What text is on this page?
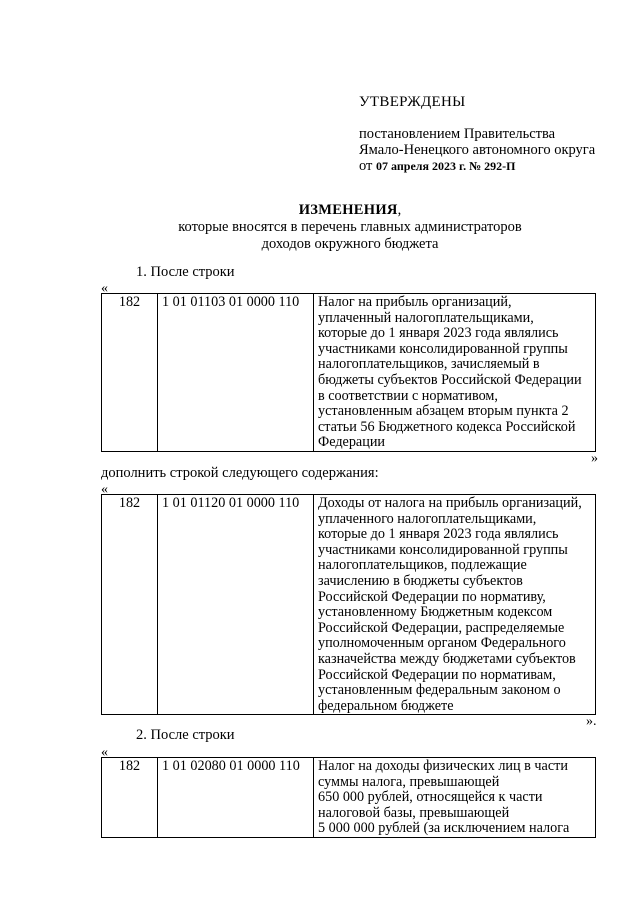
УТВЕРЖДЕНЫ
постановлением Правительства
Ямало-Ненецкого автономного округа
от 07 апреля 2023 г. № 292-П
ИЗМЕНЕНИЯ,
которые вносятся в перечень главных администраторов
доходов окружного бюджета
1. После строки
«
182	1 01 01103 01 0000 110	Налог на прибыль организаций,
уплаченный налогоплательщиками,
которые до 1 января 2023 года являлись
участниками консолидированной группы
налогоплательщиков, зачисляемый в
бюджеты субъектов Российской Федерации
в соответствии с нормативом,
установленным абзацем вторым пункта 2
статьи 56 Бюджетного кодекса Российской
Федерации
»
дополнить строкой следующего содержания:
«
182	1 01 01120 01 0000 110	Доходы от налога на прибыль организаций,
уплаченного налогоплательщиками,
которые до 1 января 2023 года являлись
участниками консолидированной группы
налогоплательщиков, подлежащие
зачислению в бюджеты субъектов
Российской Федерации по нормативу,
установленному Бюджетным кодексом
Российской Федерации, распределяемые
уполномоченным органом Федерального
казначейства между бюджетами субъектов
Российской Федерации по нормативам,
установленным федеральным законом о
федеральном бюджете
».
2. После строки
«
182	1 01 02080 01 0000 110	Налог на доходы физических лиц в части
суммы налога, превышающей
650 000 рублей, относящейся к части
налоговой базы, превышающей
5 000 000 рублей (за исключением налога
